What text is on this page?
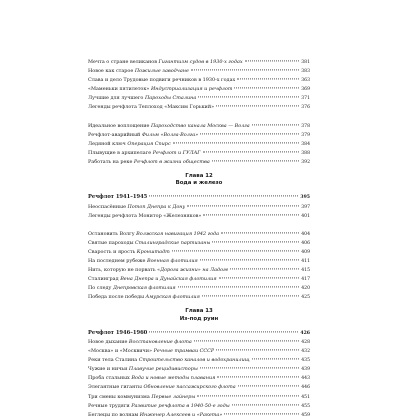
Мечта о стране великанов Гигантизм судов в 1930-х годах	381
Новое как старое Пожилые заводчане	383
Слава и дело Трудовые подвиги речников в 1930-х годах	363
«Маменьки пятилеток» Индустриализация и речфлот	369
Лучшие для лучшего Пароходы Сталина	371
Легенды речфлота Теплоход «Максим Горький»	376
Идеальное воплощение Пароходство канала Москва — Волга	378
Речфлот-аварийный Фильм «Волга-Волга»	379
Ледяной ключ Операция Спирс	384
Плывущие в архипелаге Речфлот и ГУЛАГ	388
Работать на реке Речфлот в жизни общества	392
Глава 12
Вода и железо
Речфлот 1941–1945	395
Неоспасённые Потоп Днепра к Дону	397
Легенды речфлота Монитор «Железняков»	401
Остановить Волгу Волжская навигация 1942 года	404
Святые пароходы Сталинградские партизаны	406
Сварость и ярость Кронштадт	409
На последнем рубеже Военная флотилия	411
Нить, которую не порвать «Дорога жизни» на Ладоге	415
Сталинград Вена Днепра и Дунайская флотилия	417
По следу Днепровская флотилия	420
Победа после победы Амурская флотилия	425
Глава 13
Из-под руин
Речфлот 1946–1960	426
Новое дыхание Восстановление флота	428
«Москва» и «Москвичи» Речные трамваи СССР	432
Реки тела Сталина Строительство каналов и водохранилищ	435
Чужие и ничьи Плавучие рецидивисторы	439
Проба стальных Вода и новые методы плавания	443
Элегантные гиганты Обновление пассажирского флота	446
Три смены коммунизма Первые лайнеры	451
Речные трудяги Развитие речфлота в 1940-50-е годы	455
Беглецы по волнам Инженер Алексеев и «Ракета»	459
